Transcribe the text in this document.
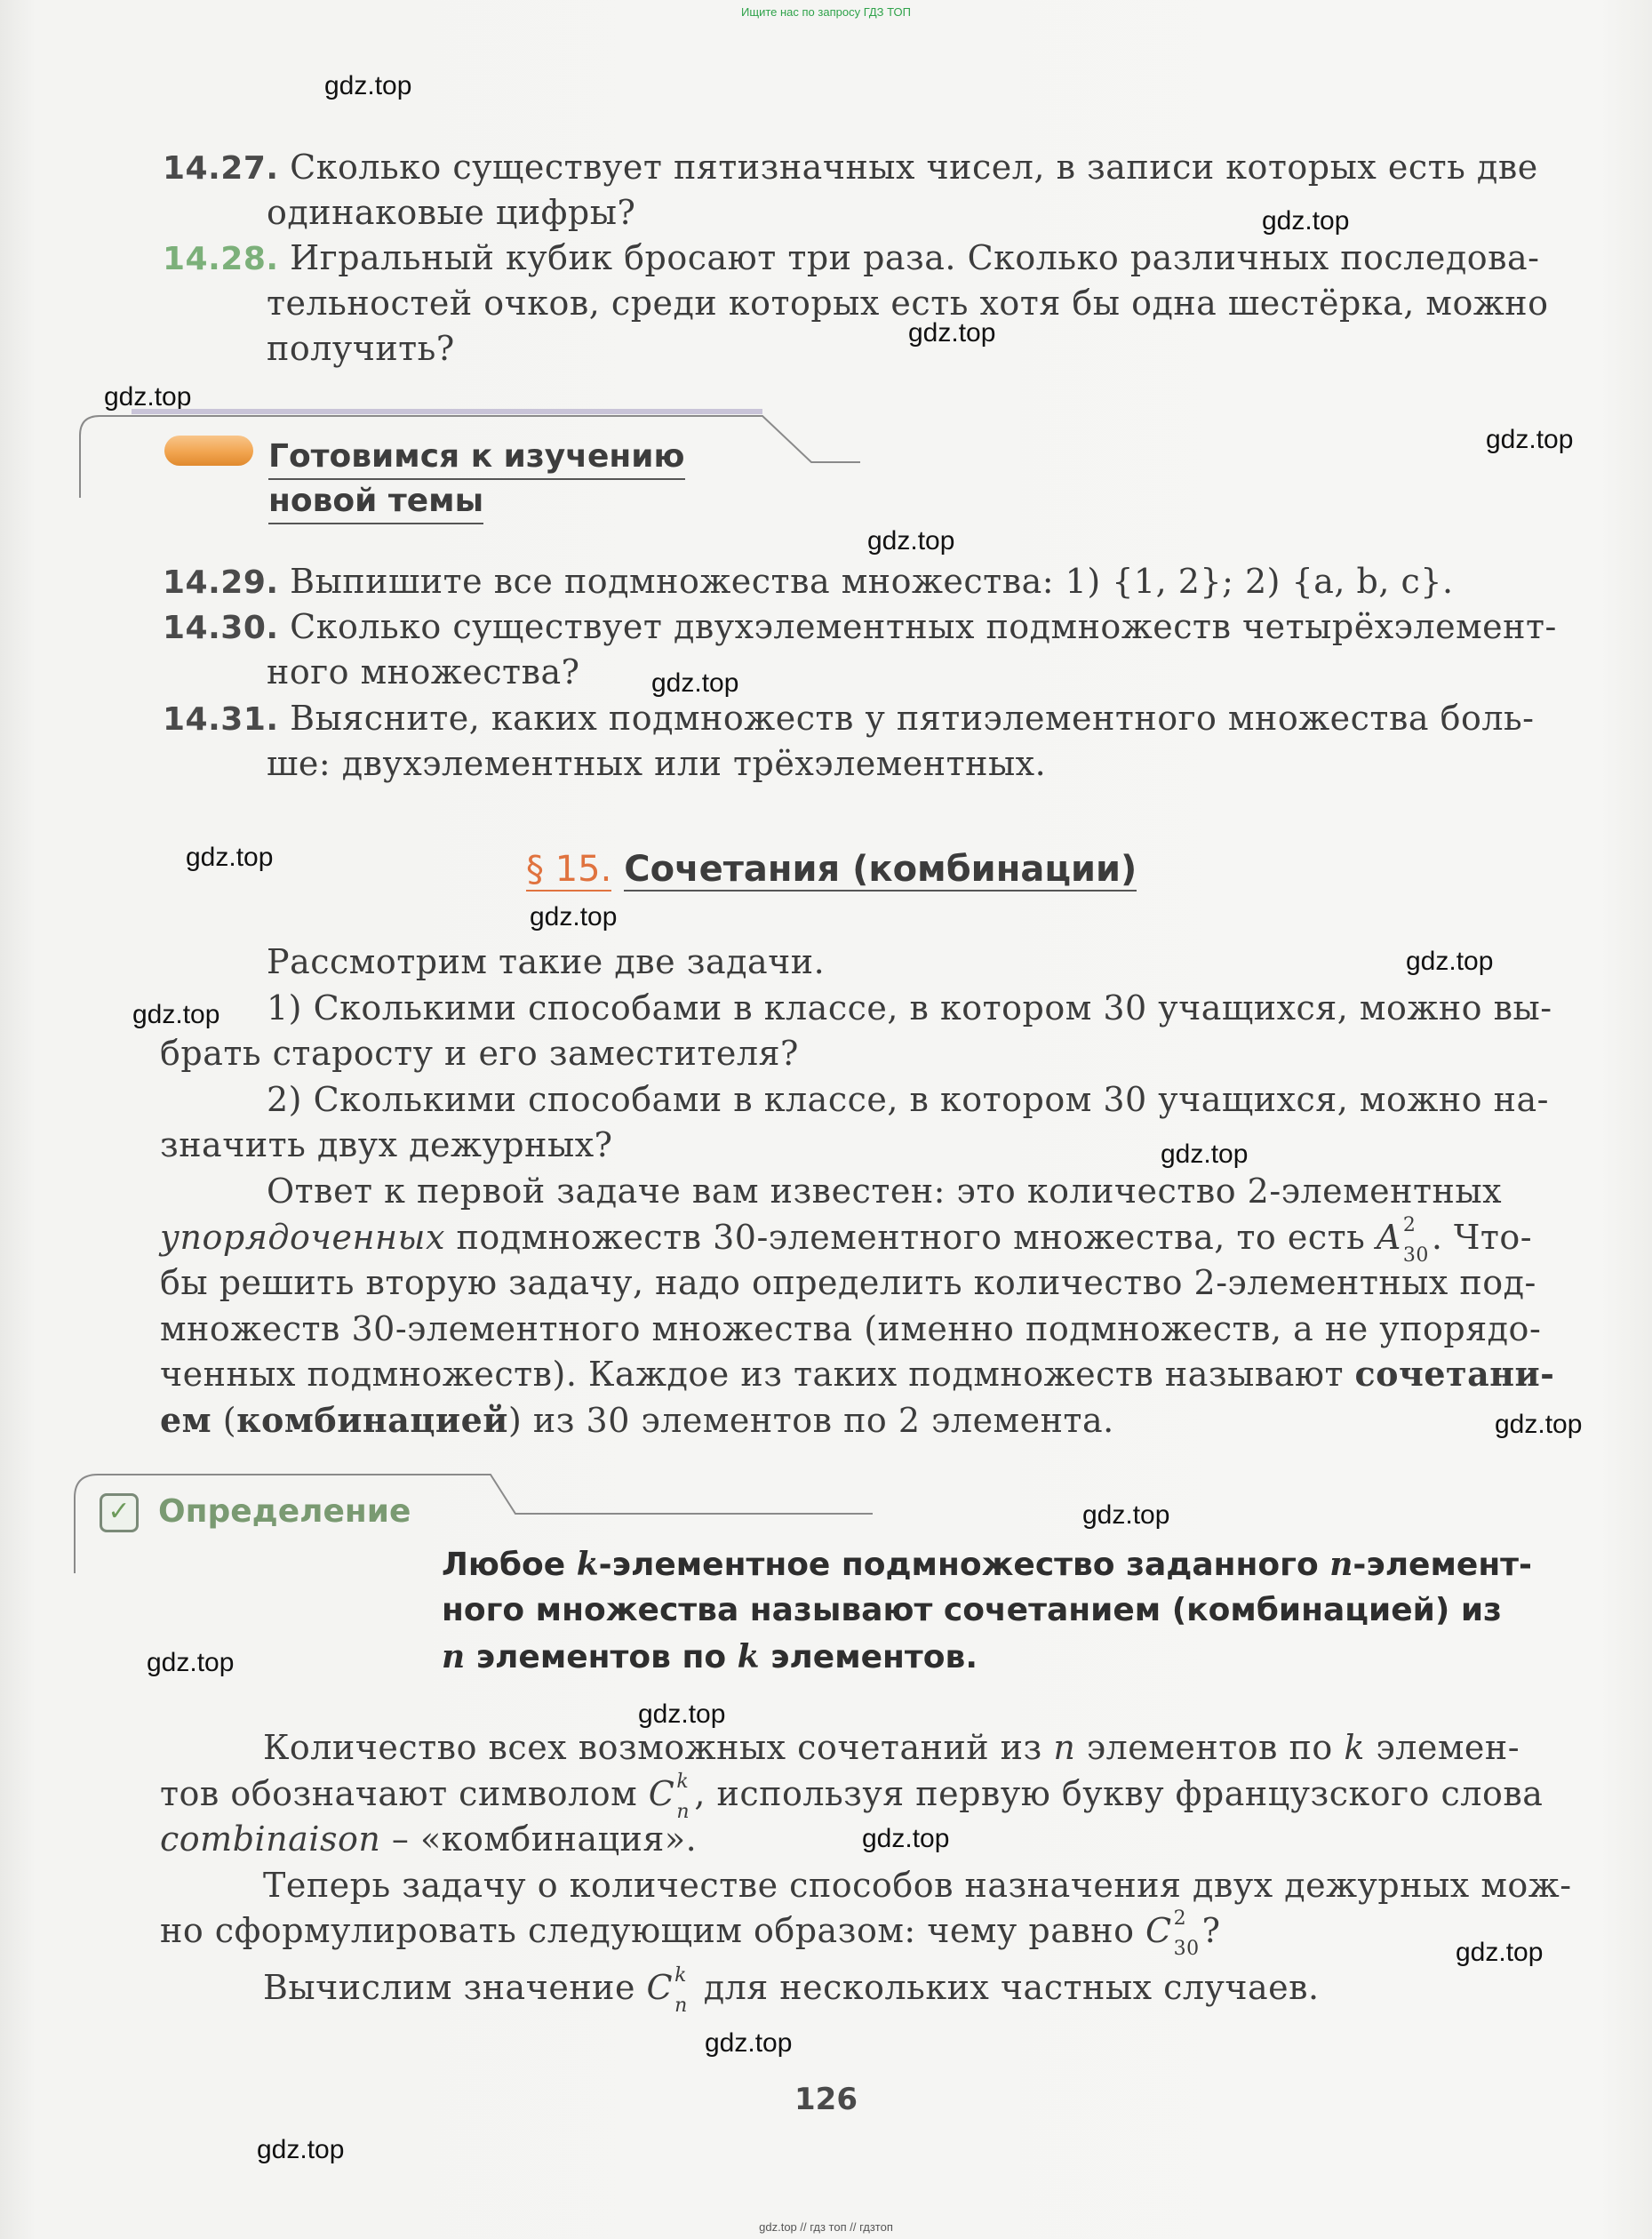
Ищите нас по запросу ГДЗ ТОП
gdz.top
gdz.top
gdz.top
gdz.top
gdz.top
gdz.top
gdz.top
gdz.top
gdz.top
gdz.top
gdz.top
gdz.top
gdz.top
gdz.top
gdz.top
gdz.top
gdz.top
gdz.top
gdz.top
gdz.top
14.27. Сколько существует пятизначных чисел, в записи которых есть две
одинаковые цифры?
14.28. Игральный кубик бросают три раза. Сколько различных последова-
тельностей очков, среди которых есть хотя бы одна шестёрка, можно
получить?
Готовимся к изучению
новой темы
14.29. Выпишите все подмножества множества: 1) {1, 2}; 2) {a, b, c}.
14.30. Сколько существует двухэлементных подмножеств четырёхэлемент-
ного множества?
14.31. Выясните, каких подмножеств у пятиэлементного множества боль-
ше: двухэлементных или трёхэлементных.
§ 15. Сочетания (комбинации)
Рассмотрим такие две задачи.
1) Сколькими способами в классе, в котором 30 учащихся, можно вы-
брать старосту и его заместителя?
2) Сколькими способами в классе, в котором 30 учащихся, можно на-
значить двух дежурных?
Ответ к первой задаче вам известен: это количество 2-элементных
упорядоченных подмножеств 30-элементного множества, то есть A 2
30 . Что-
бы решить вторую задачу, надо определить количество 2-элементных под-
множеств 30-элементного множества (именно подмножеств, а не упорядо-
ченных подмножеств). Каждое из таких подмножеств называют сочетани-
ем (комбинацией) из 30 элементов по 2 элемента.
✓ Определение
Любое k-элементное подмножество заданного n-элемент-
ного множества называют сочетанием (комбинацией) из
n элементов по k элементов.
Количество всех возможных сочетаний из n элементов по k элемен-
тов обозначают символом C k
n , используя первую букву французского слова
combinaison – «комбинация».
Теперь задачу о количестве способов назначения двух дежурных мож-
но сформулировать следующим образом: чему равно C 2
30 ?
Вычислим значение C k
n для нескольких частных случаев.
126
gdz.top // гдз топ // гдзтоп
